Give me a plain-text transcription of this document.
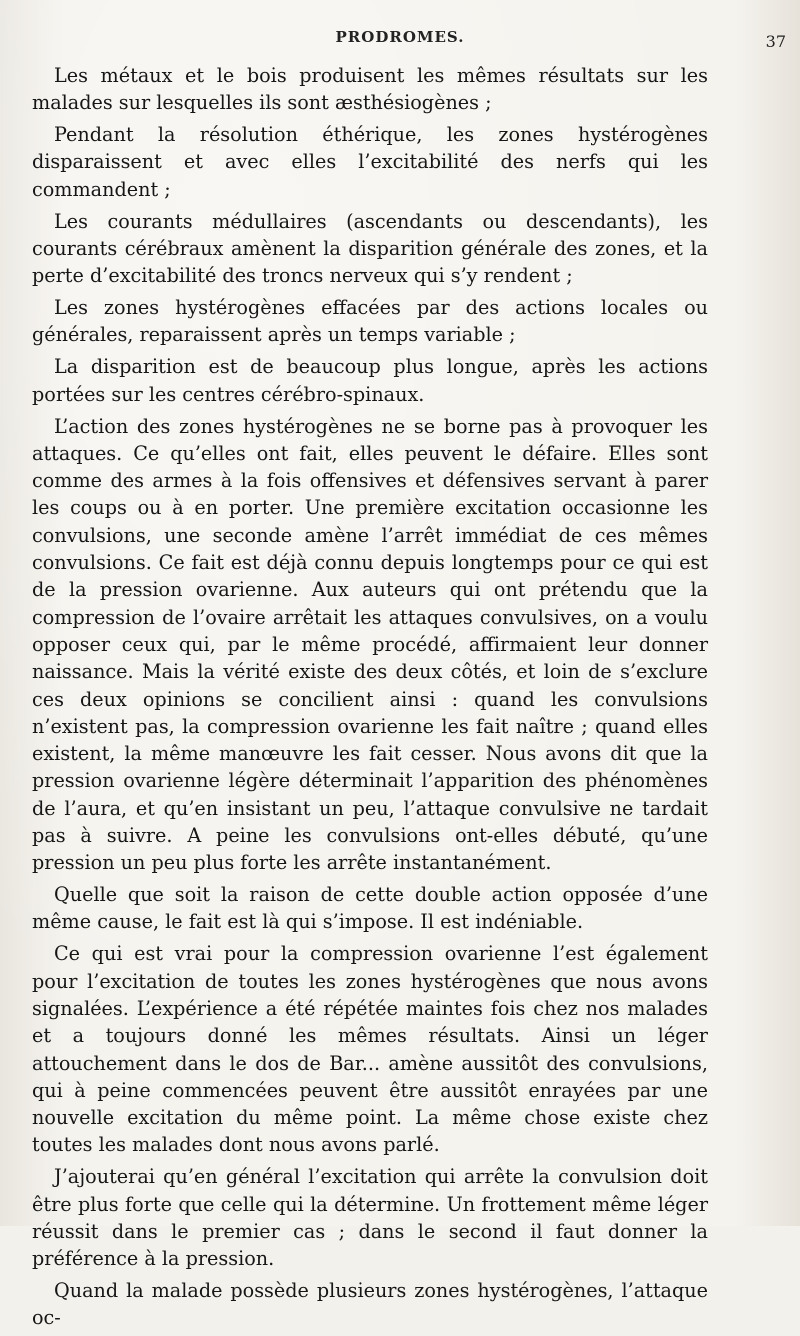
PRODROMES.	37

Les métaux et le bois produisent les mêmes résultats sur les malades sur lesquelles ils sont æsthésiogènes ;

Pendant la résolution éthérique, les zones hystérogènes disparaissent et avec elles l’excitabilité des nerfs qui les commandent ;

Les courants médullaires (ascendants ou descendants), les courants cérébraux amènent la disparition générale des zones, et la perte d’excitabilité des troncs nerveux qui s’y rendent ;

Les zones hystérogènes effacées par des actions locales ou générales, reparaissent après un temps variable ;

La disparition est de beaucoup plus longue, après les actions portées sur les centres cérébro-spinaux.

L’action des zones hystérogènes ne se borne pas à provoquer les attaques. Ce qu’elles ont fait, elles peuvent le défaire. Elles sont comme des armes à la fois offensives et défensives servant à parer les coups ou à en porter. Une première excitation occasionne les convulsions, une seconde amène l’arrêt immédiat de ces mêmes convulsions. Ce fait est déjà connu depuis longtemps pour ce qui est de la pression ovarienne. Aux auteurs qui ont prétendu que la compression de l’ovaire arrêtait les attaques convulsives, on a voulu opposer ceux qui, par le même procédé, affirmaient leur donner naissance. Mais la vérité existe des deux côtés, et loin de s’exclure ces deux opinions se concilient ainsi : quand les convulsions n’existent pas, la compression ovarienne les fait naître ; quand elles existent, la même manœuvre les fait cesser. Nous avons dit que la pression ovarienne légère déterminait l’apparition des phénomènes de l’aura, et qu’en insistant un peu, l’attaque convulsive ne tardait pas à suivre. A peine les convulsions ont-elles débuté, qu’une pression un peu plus forte les arrête instantanément.

Quelle que soit la raison de cette double action opposée d’une même cause, le fait est là qui s’impose. Il est indéniable.

Ce qui est vrai pour la compression ovarienne l’est également pour l’excitation de toutes les zones hystérogènes que nous avons signalées. L’expérience a été répétée maintes fois chez nos malades et a toujours donné les mêmes résultats. Ainsi un léger attouchement dans le dos de Bar... amène aussitôt des convulsions, qui à peine commencées peuvent être aussitôt enrayées par une nouvelle excitation du même point. La même chose existe chez toutes les malades dont nous avons parlé.

J’ajouterai qu’en général l’excitation qui arrête la convulsion doit être plus forte que celle qui la détermine. Un frottement même léger réussit dans le premier cas ; dans le second il faut donner la préférence à la pression.

Quand la malade possède plusieurs zones hystérogènes, l’attaque oc-
